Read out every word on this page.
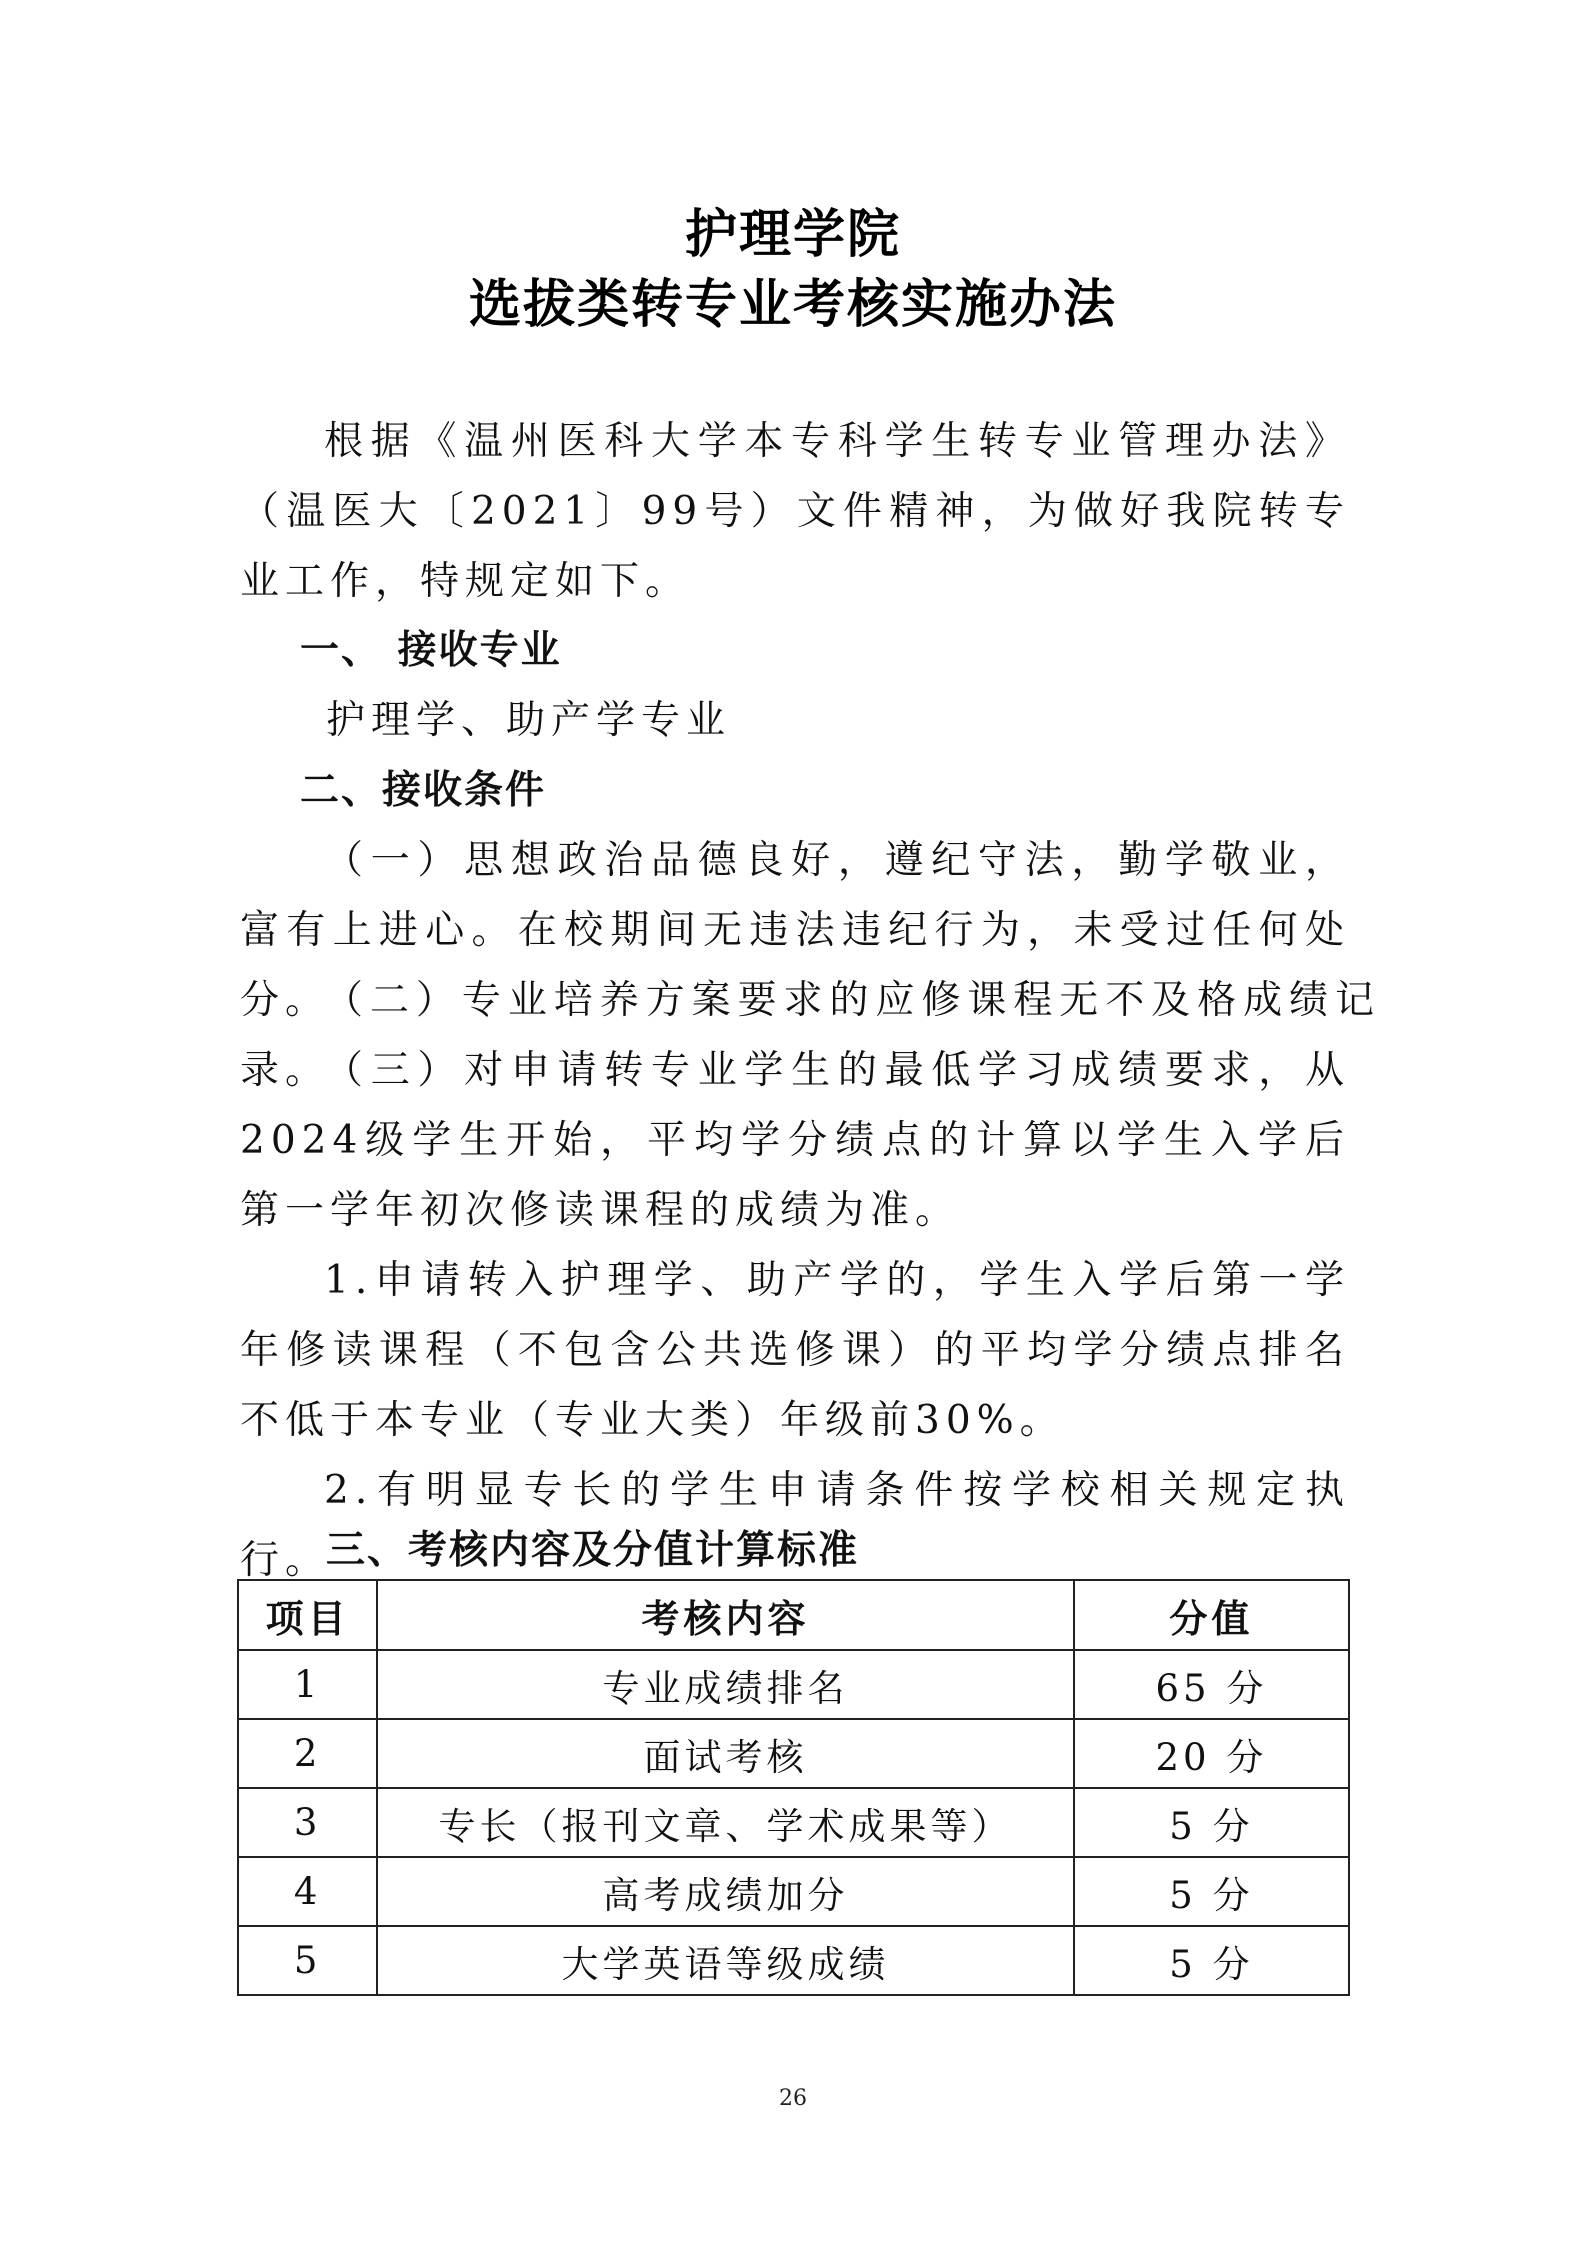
护理学院
选拔类转专业考核实施办法
根据《温州医科大学本专科学生转专业管理办法》（温医大〔2021〕99号）文件精神，为做好我院转专业工作，特规定如下。
一、 接收专业
护理学、助产学专业
二、接收条件
（一）思想政治品德良好，遵纪守法，勤学敬业，富有上进心。在校期间无违法违纪行为，未受过任何处分。
（二）专业培养方案要求的应修课程无不及格成绩记录。
（三）对申请转专业学生的最低学习成绩要求，从2024级学生开始，平均学分绩点的计算以学生入学后第一学年初次修读课程的成绩为准。
1.申请转入护理学、助产学的，学生入学后第一学年修读课程（不包含公共选修课）的平均学分绩点排名不低于本专业（专业大类）年级前30%。
2.有明显专长的学生申请条件按学校相关规定执行。
三、考核内容及分值计算标准
项目	考核内容	分值
1	专业成绩排名	65 分
2	面试考核	20 分
3	专长（报刊文章、学术成果等）	5 分
4	高考成绩加分	5 分
5	大学英语等级成绩	5 分
26
